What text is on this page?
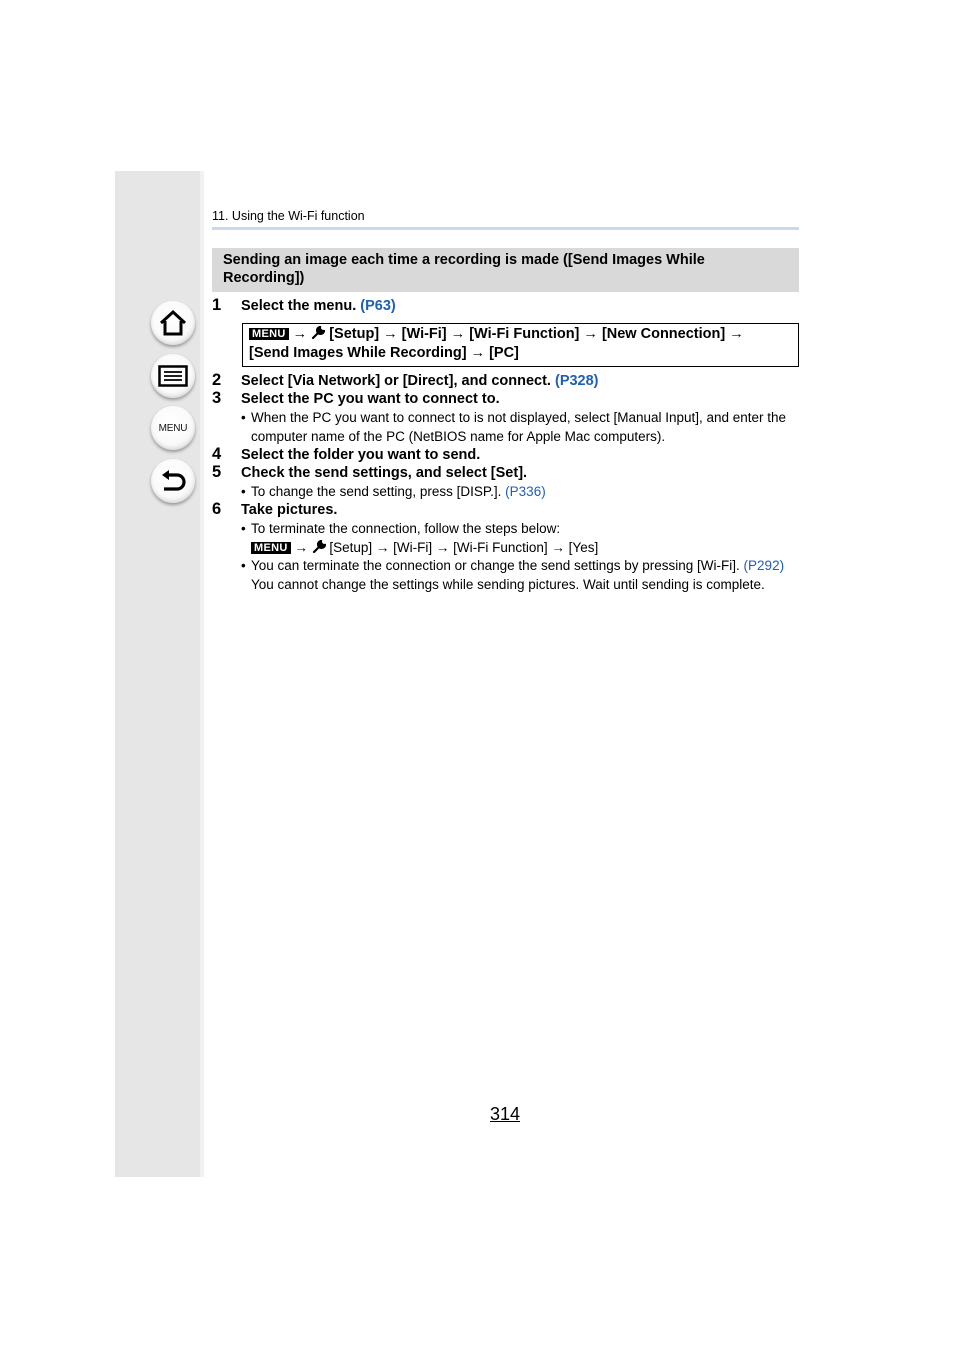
MENU
11. Using the Wi-Fi function
Sending an image each time a recording is made ([Send Images While Recording])
1 Select the menu. (P63)
MENU → [Setup] → [Wi-Fi] → [Wi-Fi Function] → [New Connection] →
[Send Images While Recording] → [PC]
2 Select [Via Network] or [Direct], and connect. (P328)
3 Select the PC you want to connect to.
• When the PC you want to connect to is not displayed, select [Manual Input], and enter the computer name of the PC (NetBIOS name for Apple Mac computers).
4 Select the folder you want to send.
5 Check the send settings, and select [Set].
• To change the send setting, press [DISP.]. (P336)
6 Take pictures.
• To terminate the connection, follow the steps below:
MENU → [Setup] → [Wi-Fi] → [Wi-Fi Function] → [Yes]
• You can terminate the connection or change the send settings by pressing [Wi-Fi]. (P292)
You cannot change the settings while sending pictures. Wait until sending is complete.
314
